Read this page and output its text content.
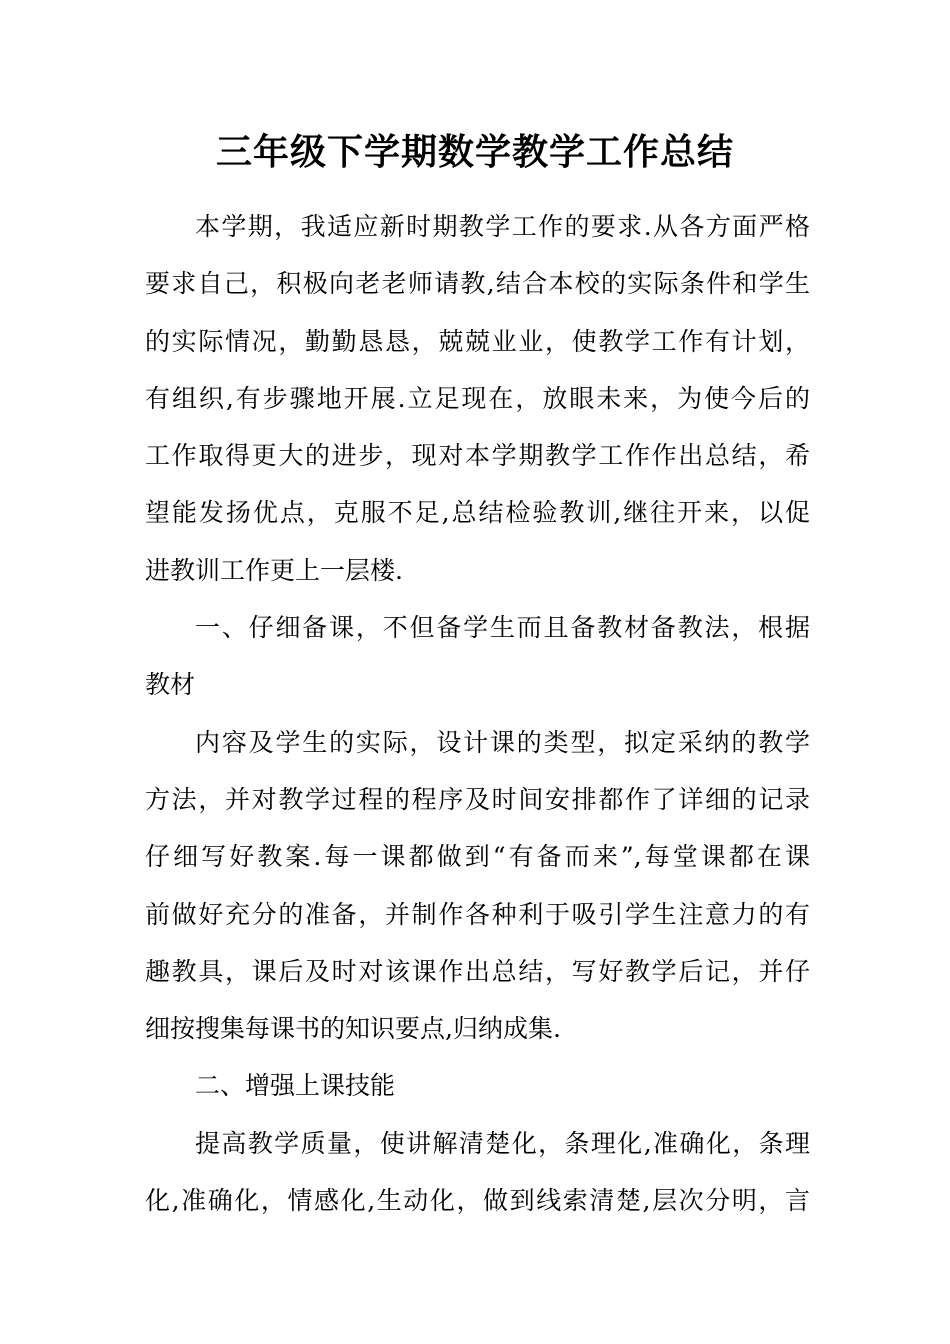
三年级下学期数学教学工作总结
本学期，我适应新时期教学工作的要求.从各方面严格
要求自己，积极向老老师请教,结合本校的实际条件和学生
的实际情况，勤勤恳恳，兢兢业业，使教学工作有计划，
有组织,有步骤地开展.立足现在，放眼未来，为使今后的
工作取得更大的进步，现对本学期教学工作作出总结，希
望能发扬优点，克服不足,总结检验教训,继往开来，以促
进教训工作更上一层楼.
一、仔细备课，不但备学生而且备教材备教法，根据
教材
内容及学生的实际，设计课的类型，拟定采纳的教学
方法，并对教学过程的程序及时间安排都作了详细的记录
仔细写好教案.每一课都做到“有备而来”,每堂课都在课
前做好充分的准备，并制作各种利于吸引学生注意力的有
趣教具，课后及时对该课作出总结，写好教学后记，并仔
细按搜集每课书的知识要点,归纳成集.
二、增强上课技能
提高教学质量，使讲解清楚化，条理化,准确化，条理
化,准确化，情感化,生动化，做到线索清楚,层次分明，言
